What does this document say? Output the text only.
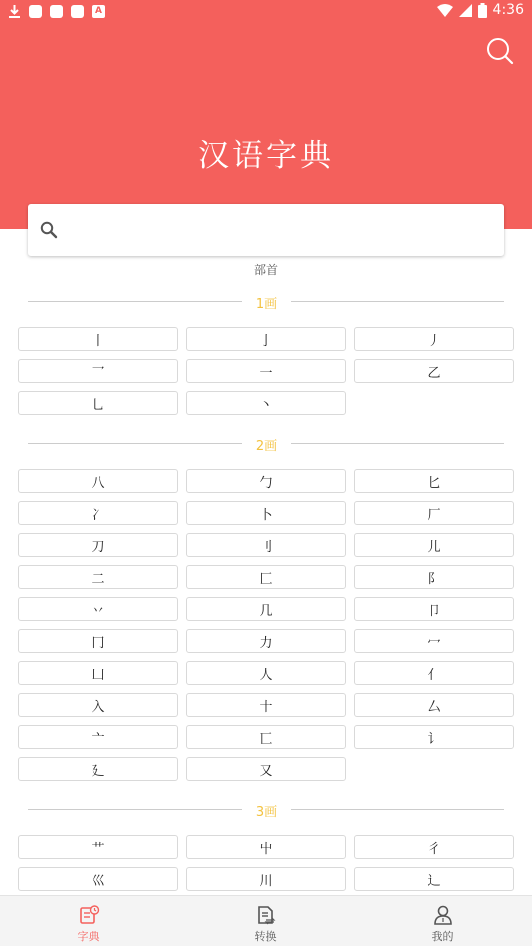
A	4:36
汉语字典
部首
1画
丨	亅	丿
乛	一	乙
乚	丶
2画
八	勹	匕
冫	卜	厂
刀	刂	儿
二	匚	阝
丷	几	卩
冂	力	冖
凵	人	亻
入	十	厶
亠	匸	讠
廴	又
3画
艹	屮	彳
巛	川	辶
字典	转换	我的
